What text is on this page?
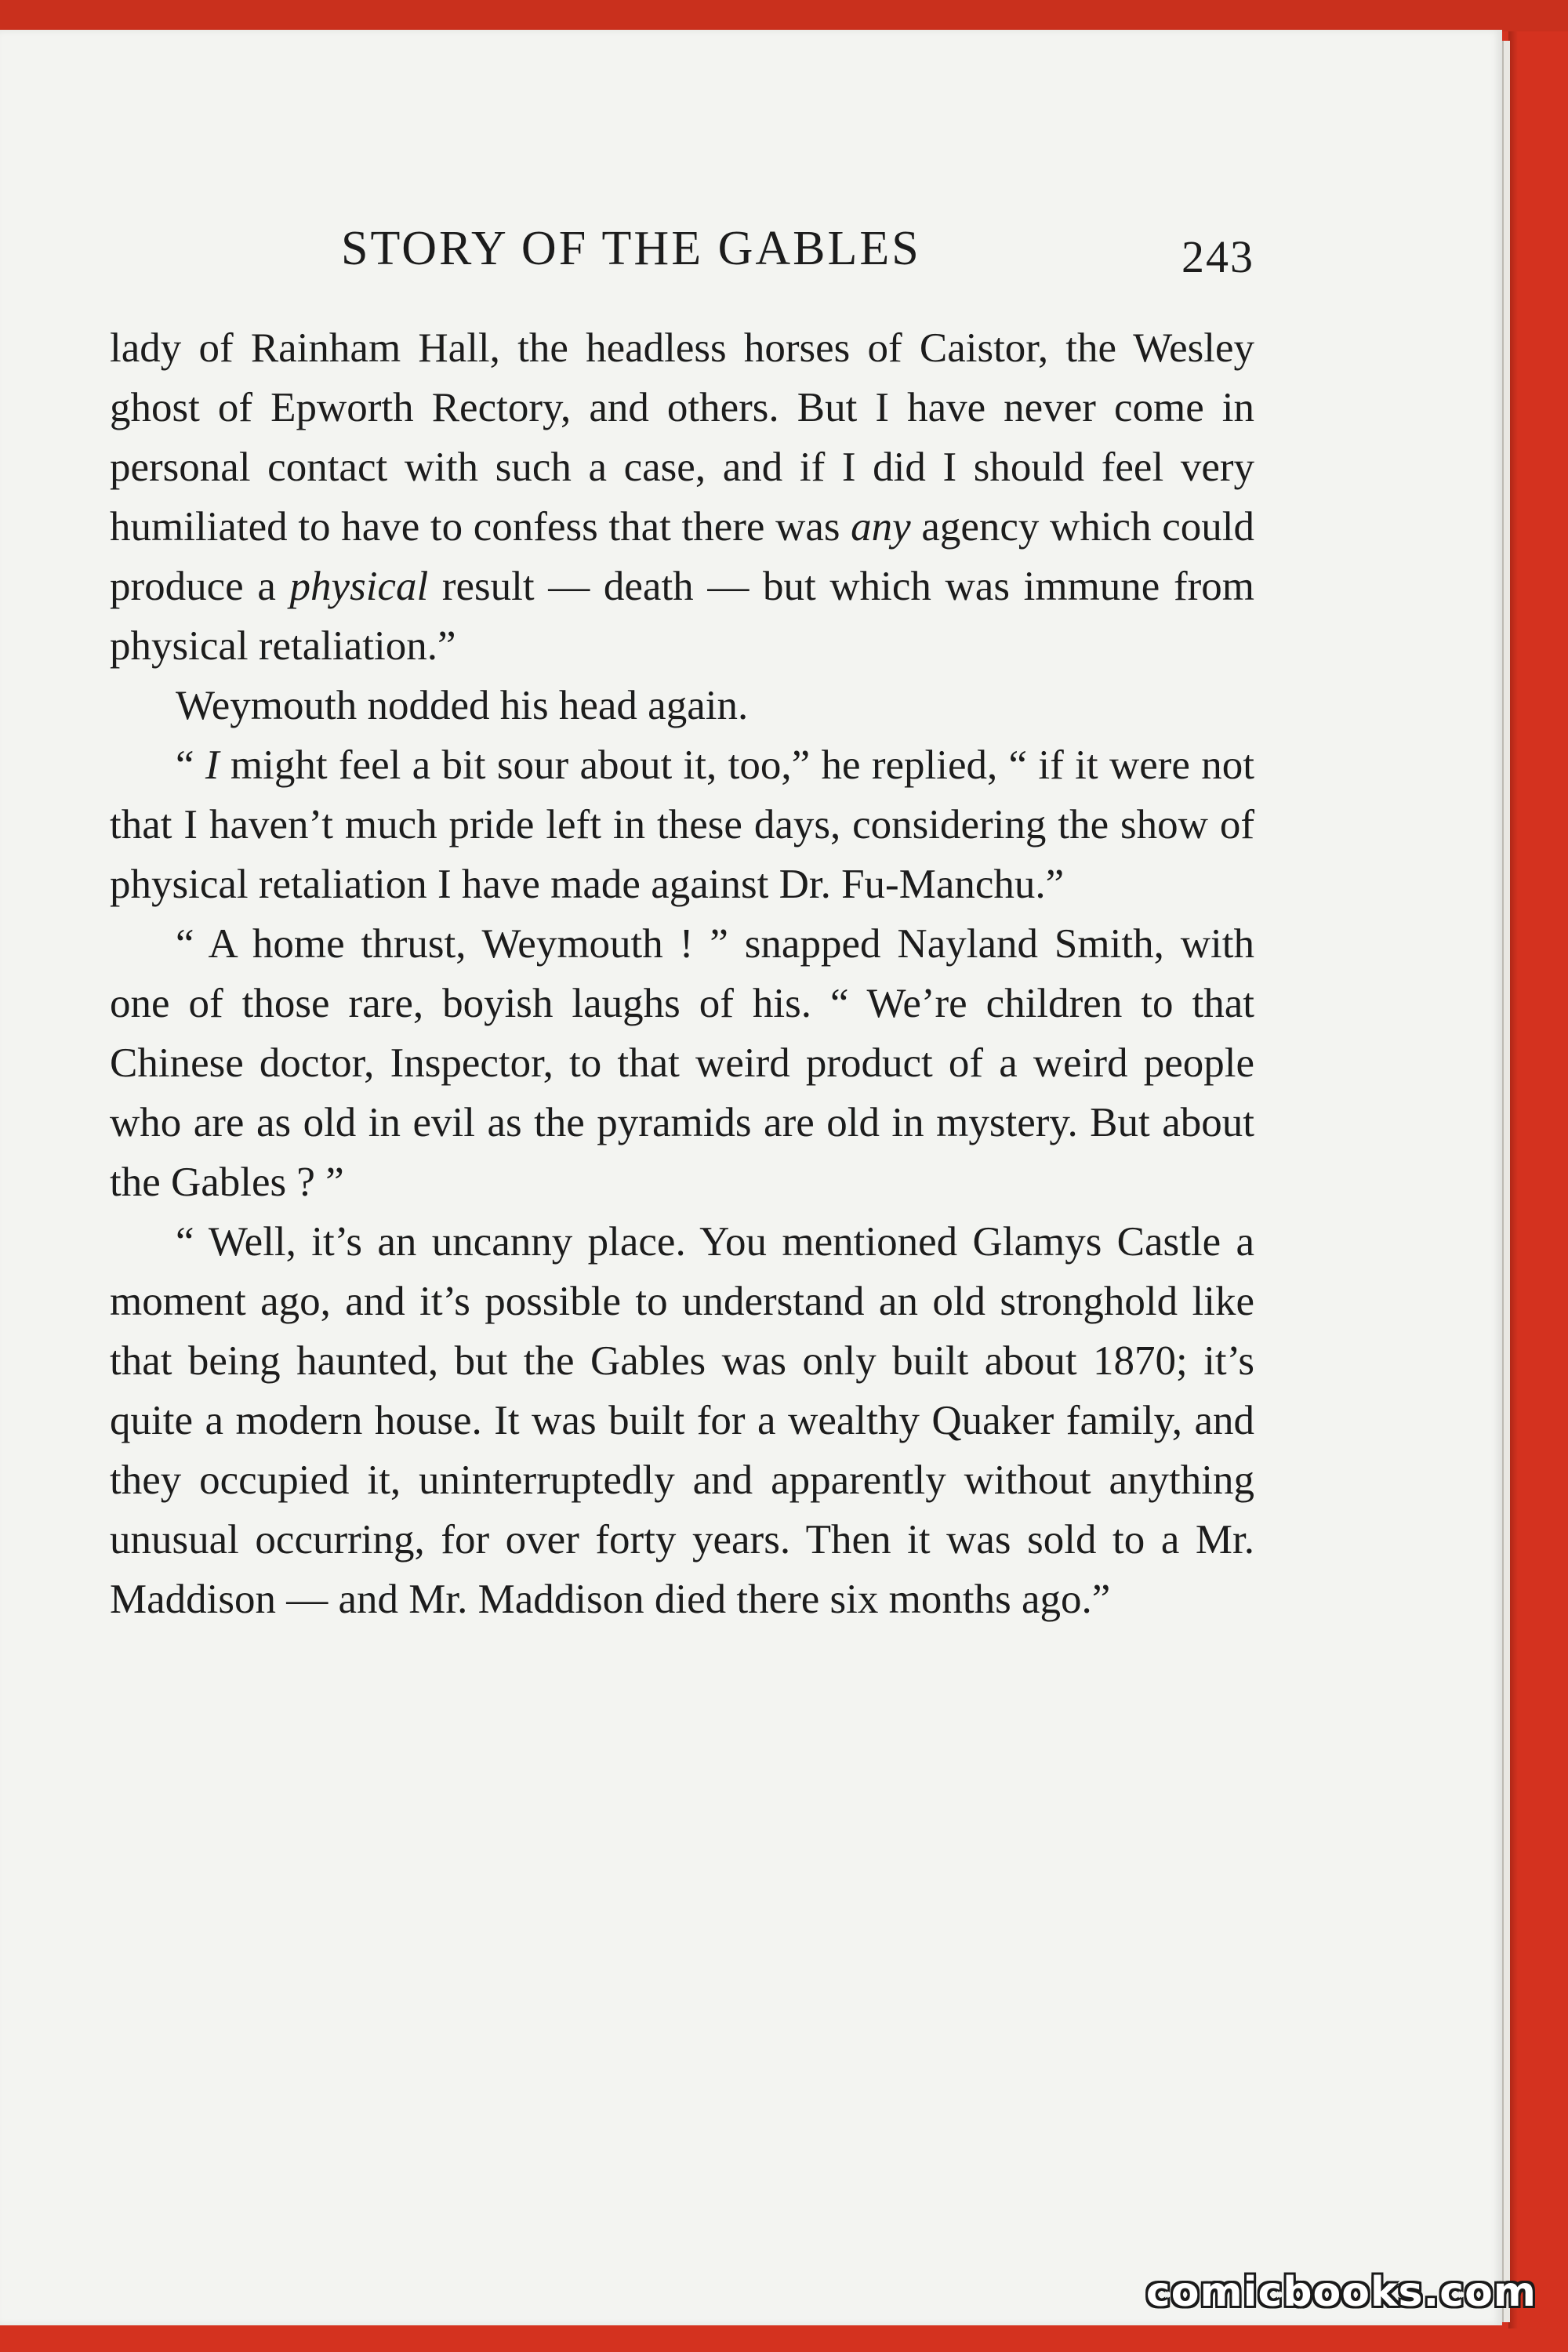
STORY OF THE GABLES	243

lady of Rainham Hall, the headless horses of Caistor, the Wesley ghost of Epworth Rectory, and others. But I have never come in personal contact with such a case, and if I did I should feel very humiliated to have to confess that there was any agency which could produce a physical result — death — but which was immune from physical retaliation.”

Weymouth nodded his head again.

“ I might feel a bit sour about it, too,” he replied, “ if it were not that I haven’t much pride left in these days, considering the show of physical retaliation I have made against Dr. Fu-Manchu.”

“ A home thrust, Weymouth ! ” snapped Nayland Smith, with one of those rare, boyish laughs of his. “ We’re children to that Chinese doctor, Inspector, to that weird product of a weird people who are as old in evil as the pyramids are old in mystery. But about the Gables ? ”

“ Well, it’s an uncanny place. You mentioned Glamys Castle a moment ago, and it’s possible to understand an old stronghold like that being haunted, but the Gables was only built about 1870; it’s quite a modern house. It was built for a wealthy Quaker family, and they occupied it, uninterruptedly and apparently without anything unusual occurring, for over forty years. Then it was sold to a Mr. Maddison — and Mr. Maddison died there six months ago.”

comicbooks.com
